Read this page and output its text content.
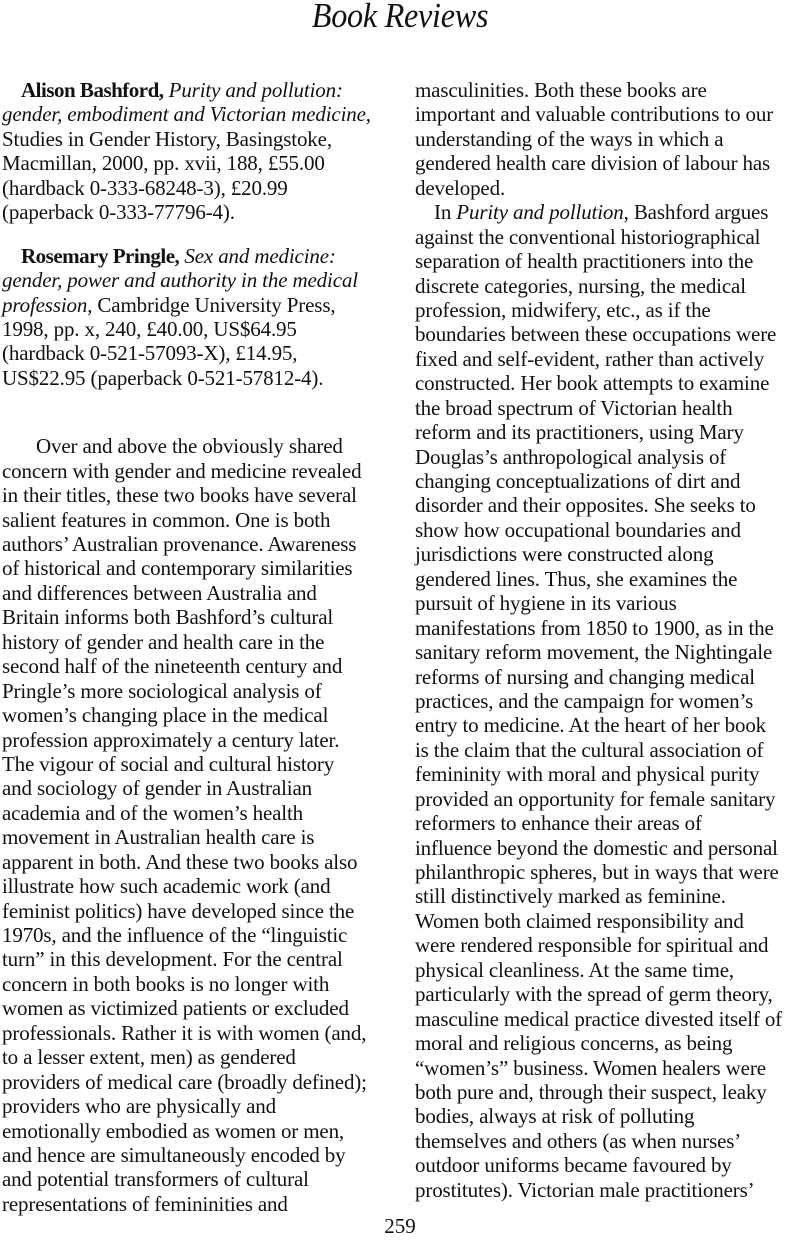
Book Reviews
Alison Bashford, Purity and pollution:
gender, embodiment and Victorian medicine,
Studies in Gender History, Basingstoke,
Macmillan, 2000, pp. xvii, 188, £55.00
(hardback 0-333-68248-3), £20.99
(paperback 0-333-77796-4).
Rosemary Pringle, Sex and medicine:
gender, power and authority in the medical
profession, Cambridge University Press,
1998, pp. x, 240, £40.00, US$64.95
(hardback 0-521-57093-X), £14.95,
US$22.95 (paperback 0-521-57812-4).
Over and above the obviously shared
concern with gender and medicine revealed
in their titles, these two books have several
salient features in common. One is both
authors’ Australian provenance. Awareness
of historical and contemporary similarities
and differences between Australia and
Britain informs both Bashford’s cultural
history of gender and health care in the
second half of the nineteenth century and
Pringle’s more sociological analysis of
women’s changing place in the medical
profession approximately a century later.
The vigour of social and cultural history
and sociology of gender in Australian
academia and of the women’s health
movement in Australian health care is
apparent in both. And these two books also
illustrate how such academic work (and
feminist politics) have developed since the
1970s, and the influence of the “linguistic
turn” in this development. For the central
concern in both books is no longer with
women as victimized patients or excluded
professionals. Rather it is with women (and,
to a lesser extent, men) as gendered
providers of medical care (broadly defined);
providers who are physically and
emotionally embodied as women or men,
and hence are simultaneously encoded by
and potential transformers of cultural
representations of femininities and
masculinities. Both these books are
important and valuable contributions to our
understanding of the ways in which a
gendered health care division of labour has
developed.
In Purity and pollution, Bashford argues
against the conventional historiographical
separation of health practitioners into the
discrete categories, nursing, the medical
profession, midwifery, etc., as if the
boundaries between these occupations were
fixed and self-evident, rather than actively
constructed. Her book attempts to examine
the broad spectrum of Victorian health
reform and its practitioners, using Mary
Douglas’s anthropological analysis of
changing conceptualizations of dirt and
disorder and their opposites. She seeks to
show how occupational boundaries and
jurisdictions were constructed along
gendered lines. Thus, she examines the
pursuit of hygiene in its various
manifestations from 1850 to 1900, as in the
sanitary reform movement, the Nightingale
reforms of nursing and changing medical
practices, and the campaign for women’s
entry to medicine. At the heart of her book
is the claim that the cultural association of
femininity with moral and physical purity
provided an opportunity for female sanitary
reformers to enhance their areas of
influence beyond the domestic and personal
philanthropic spheres, but in ways that were
still distinctively marked as feminine.
Women both claimed responsibility and
were rendered responsible for spiritual and
physical cleanliness. At the same time,
particularly with the spread of germ theory,
masculine medical practice divested itself of
moral and religious concerns, as being
“women’s” business. Women healers were
both pure and, through their suspect, leaky
bodies, always at risk of polluting
themselves and others (as when nurses’
outdoor uniforms became favoured by
prostitutes). Victorian male practitioners’
259
